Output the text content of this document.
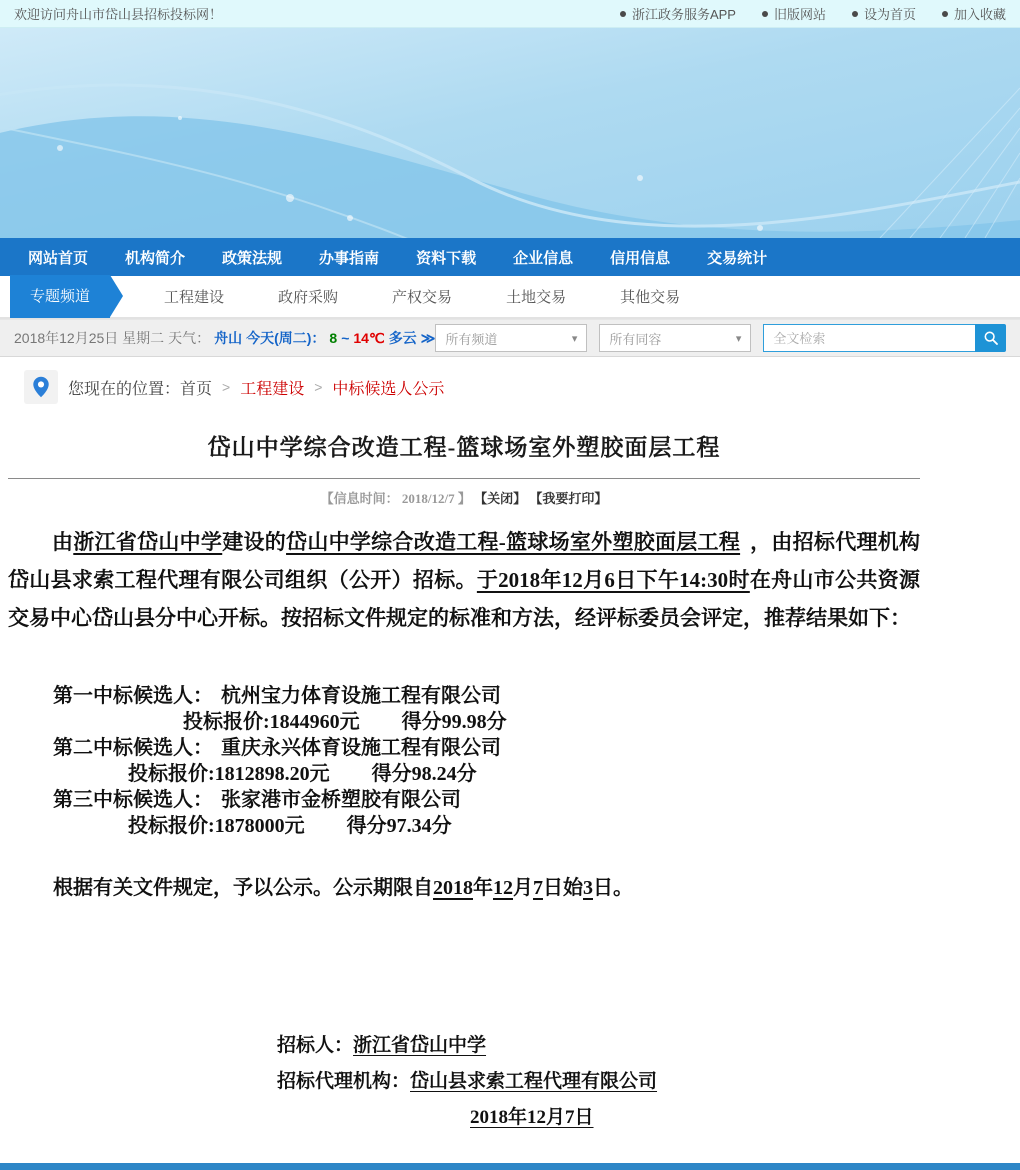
欢迎访问舟山市岱山县招标投标网！	浙江政务服务APP	旧版网站	设为首页	加入收藏
网站首页 机构简介 政策法规 办事指南 资料下载 企业信息 信用信息 交易统计
专题频道	工程建设	政府采购	产权交易	土地交易	其他交易
2018年12月25日 星期二 天气： 舟山 今天(周二)： 8 ~ 14℃ 多云 ≫ 所有频道	▾ 所有同容	▾
全文检索
您现在的位置： 首页 > 工程建设 > 中标候选人公示
岱山中学综合改造工程-篮球场室外塑胶面层工程
【信息时间： 2018/12/7 】 【关闭】 【我要打印】

由浙江省岱山中学建设的岱山中学综合改造工程-篮球场室外塑胶面层工程 ，由招标代理机构岱山县求索工程代理有限公司组织（公开）招标。于2018年12月6日下午14:30时在舟山市公共资源交易中心岱山县分中心开标。按招标文件规定的标准和方法，经评标委员会评定，推荐结果如下：

第一中标候选人： 杭州宝力体育设施工程有限公司
投标报价:1844960元 得分99.98分
第二中标候选人： 重庆永兴体育设施工程有限公司
投标报价:1812898.20元 得分98.24分
第三中标候选人： 张家港市金桥塑胶有限公司
投标报价:1878000元 得分97.34分

根据有关文件规定，予以公示。公示期限自2018年12月7日始3日。

招标人：浙江省岱山中学
招标代理机构：岱山县求索工程代理有限公司
2018年12月7日
